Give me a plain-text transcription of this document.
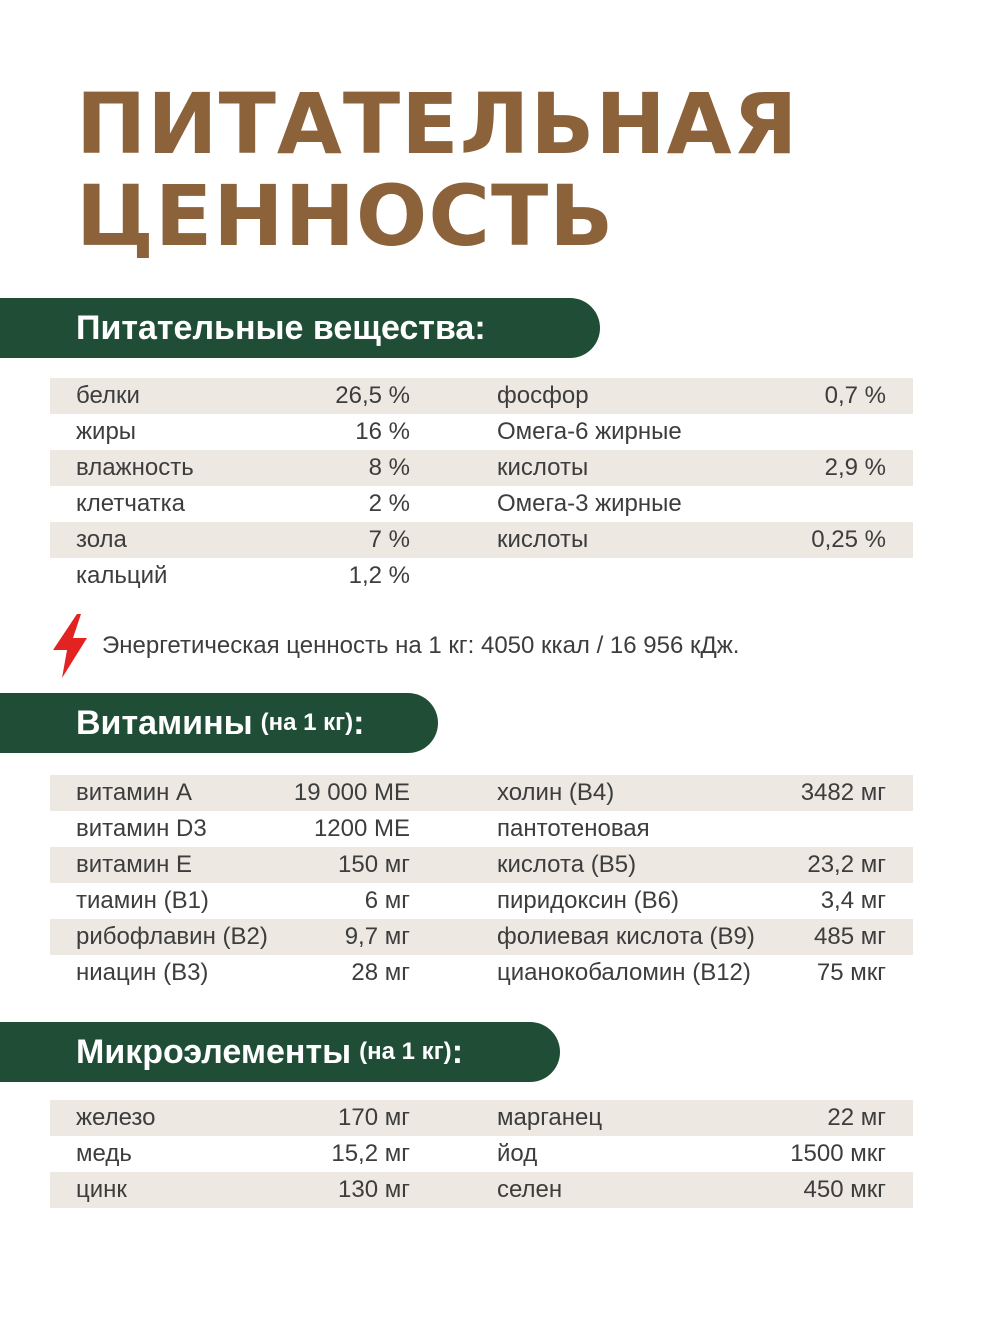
ПИТАТЕЛЬНАЯ
ЦЕННОСТЬ
Питательные вещества:
белки	26,5 %	фосфор	0,7 %
жиры	16 %	Омега-6 жирные
влажность	8 %	кислоты	2,9 %
клетчатка	2 %	Омега-3 жирные
зола	7 %	кислоты	0,25 %
кальций	1,2 %
Энергетическая ценность на 1 кг: 4050 ккал / 16 956 кДж.
Витамины (на 1 кг) :
витамин А	19 000 МЕ	холин (В4)	3482 мг
витамин D3	1200 МЕ	пантотеновая
витамин Е	150 мг	кислота (В5)	23,2 мг
тиамин (В1)	6 мг	пиридоксин (В6)	3,4 мг
рибофлавин (В2)	9,7 мг	фолиевая кислота (В9) 485 мг
ниацин (В3)	28 мг	цианокобаломин (В12)	75 мкг
Микроэлементы (на 1 кг) :
железо	170 мг	марганец	22 мг
медь	15,2 мг	йод	1500 мкг
цинк	130 мг	селен	450 мкг
